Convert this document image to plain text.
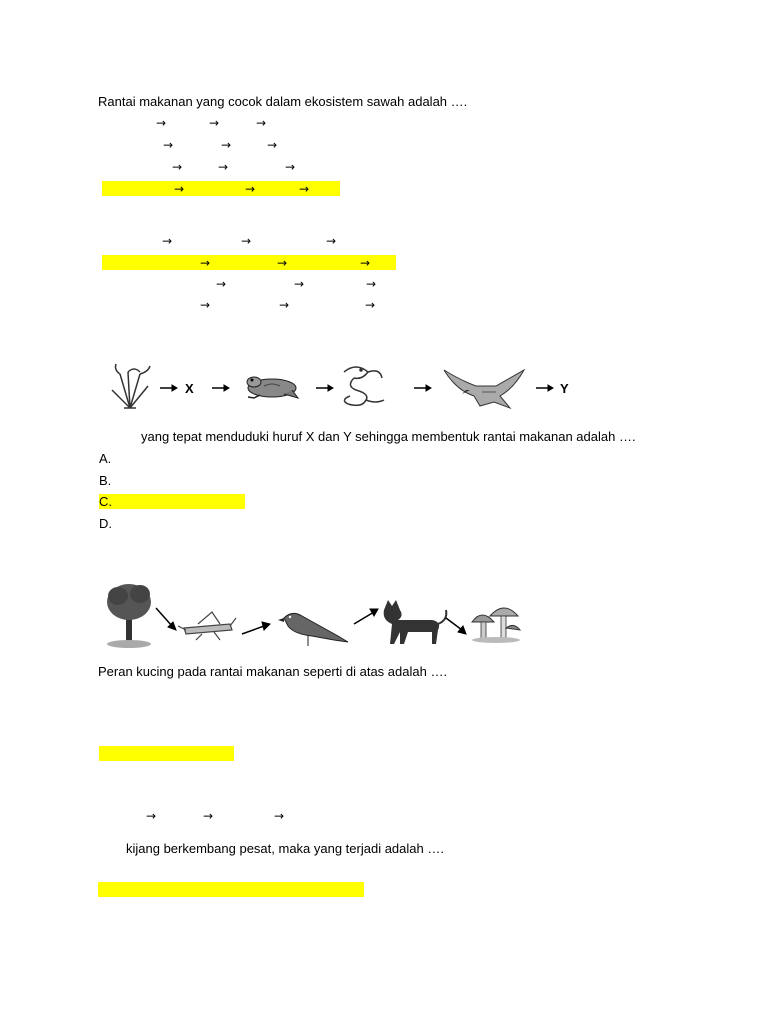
Rantai makanan yang cocok dalam ekosistem sawah adalah ….
→	→	→
→	→	→
→	→	→
→	→	→
→	→	→
→	→	→
→	→	→
→	→	→
X	Y
yang tepat menduduki huruf X dan Y sehingga membentuk rantai makanan adalah ….
A.
B.
C.
D.
Peran kucing pada rantai makanan seperti di atas adalah ….
→	→	→
kijang berkembang pesat, maka yang terjadi adalah ….
